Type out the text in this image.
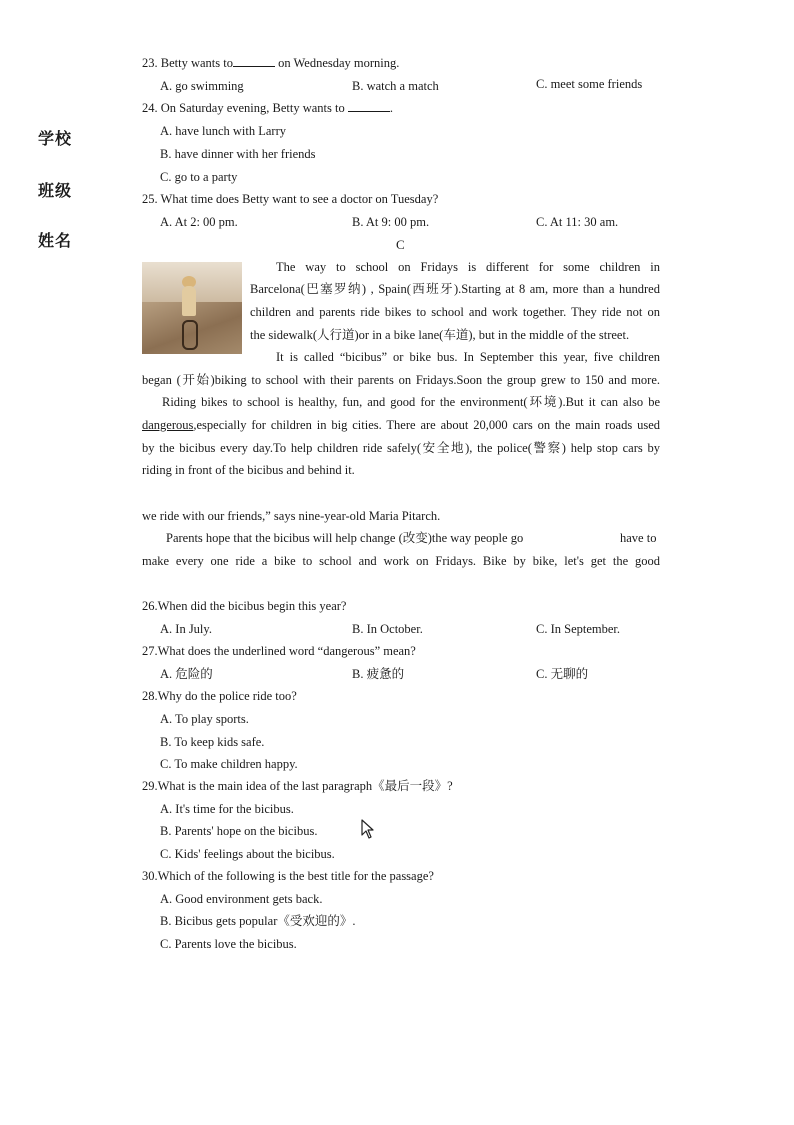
学校
班级
姓名
23. Betty wants to	on Wednesday morning.
A. go swimming	B. watch a match	C. meet some friends
24. On Saturday evening, Betty wants to	.
A. have lunch with Larry
B. have dinner with her friends
C. go to a party
25. What time does Betty want to see a doctor on Tuesday?
A. At 2: 00 pm.	B. At 9: 00 pm.	C. At 11: 30 am.
C
The way to school on Fridays is different for some children in
Barcelona(巴塞罗纳) , Spain(西班牙).Starting at 8 am, more than a hundred
children and parents ride bikes to school and work together. They ride not on
the sidewalk(人行道)or in a bike lane(车道), but in the middle of the street.
It is called “bicibus” or bike bus. In September this year, five children
began (开始)biking to school with their parents on Fridays.Soon the group grew to 150 and more.
Riding bikes to school is healthy, fun, and good for the environment(环境).But it can also be
dangerous,especially for children in big cities. There are about 20,000 cars on the main roads used
by the bicibus every day.To help children ride safely(安全地), the police(警察) help stop cars by
riding in front of the bicibus and behind it.
we ride with our friends,” says nine-year-old Maria Pitarch.
Parents hope that the bicibus will help change (改变)the way people go	have to
make every one ride a bike to school and work on Fridays. Bike by bike, let's get the good
26.When did the bicibus begin this year?
A. In July.	B. In October.	C. In September.
27.What does the underlined word “dangerous” mean?
A. 危险的	B. 疲惫的	C. 无聊的
28.Why do the police ride too?
A. To play sports.
B. To keep kids safe.
C. To make children happy.
29.What is the main idea of the last paragraph《最后一段》?
A. It's time for the bicibus.
B. Parents' hope on the bicibus.
C. Kids' feelings about the bicibus.
30.Which of the following is the best title for the passage?
A. Good environment gets back.
B. Bicibus gets popular《受欢迎的》.
C. Parents love the bicibus.
